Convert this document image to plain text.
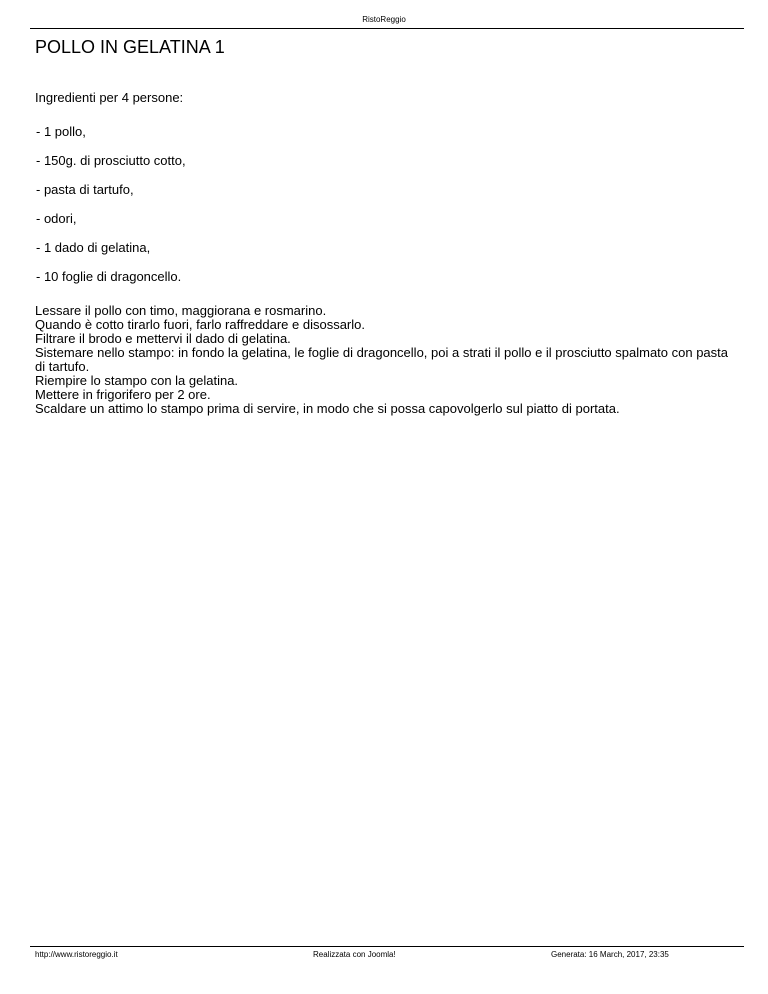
RistoReggio
POLLO IN GELATINA 1

Ingredienti per 4 persone:

- 1 pollo,
- 150g. di prosciutto cotto,
- pasta di tartufo,
- odori,
- 1 dado di gelatina,
- 10 foglie di dragoncello.
Lessare il pollo con timo, maggiorana e rosmarino.
Quando è cotto tirarlo fuori, farlo raffreddare e disossarlo.
Filtrare il brodo e mettervi il dado di gelatina.
Sistemare nello stampo: in fondo la gelatina, le foglie di dragoncello, poi a strati il pollo e il prosciutto spalmato con pasta di tartufo.
Riempire lo stampo con la gelatina.
Mettere in frigorifero per 2 ore.
Scaldare un attimo lo stampo prima di servire, in modo che si possa capovolgerlo sul piatto di portata.
http://www.ristoreggio.it	Realizzata con Joomla!	Generata: 16 March, 2017, 23:35
